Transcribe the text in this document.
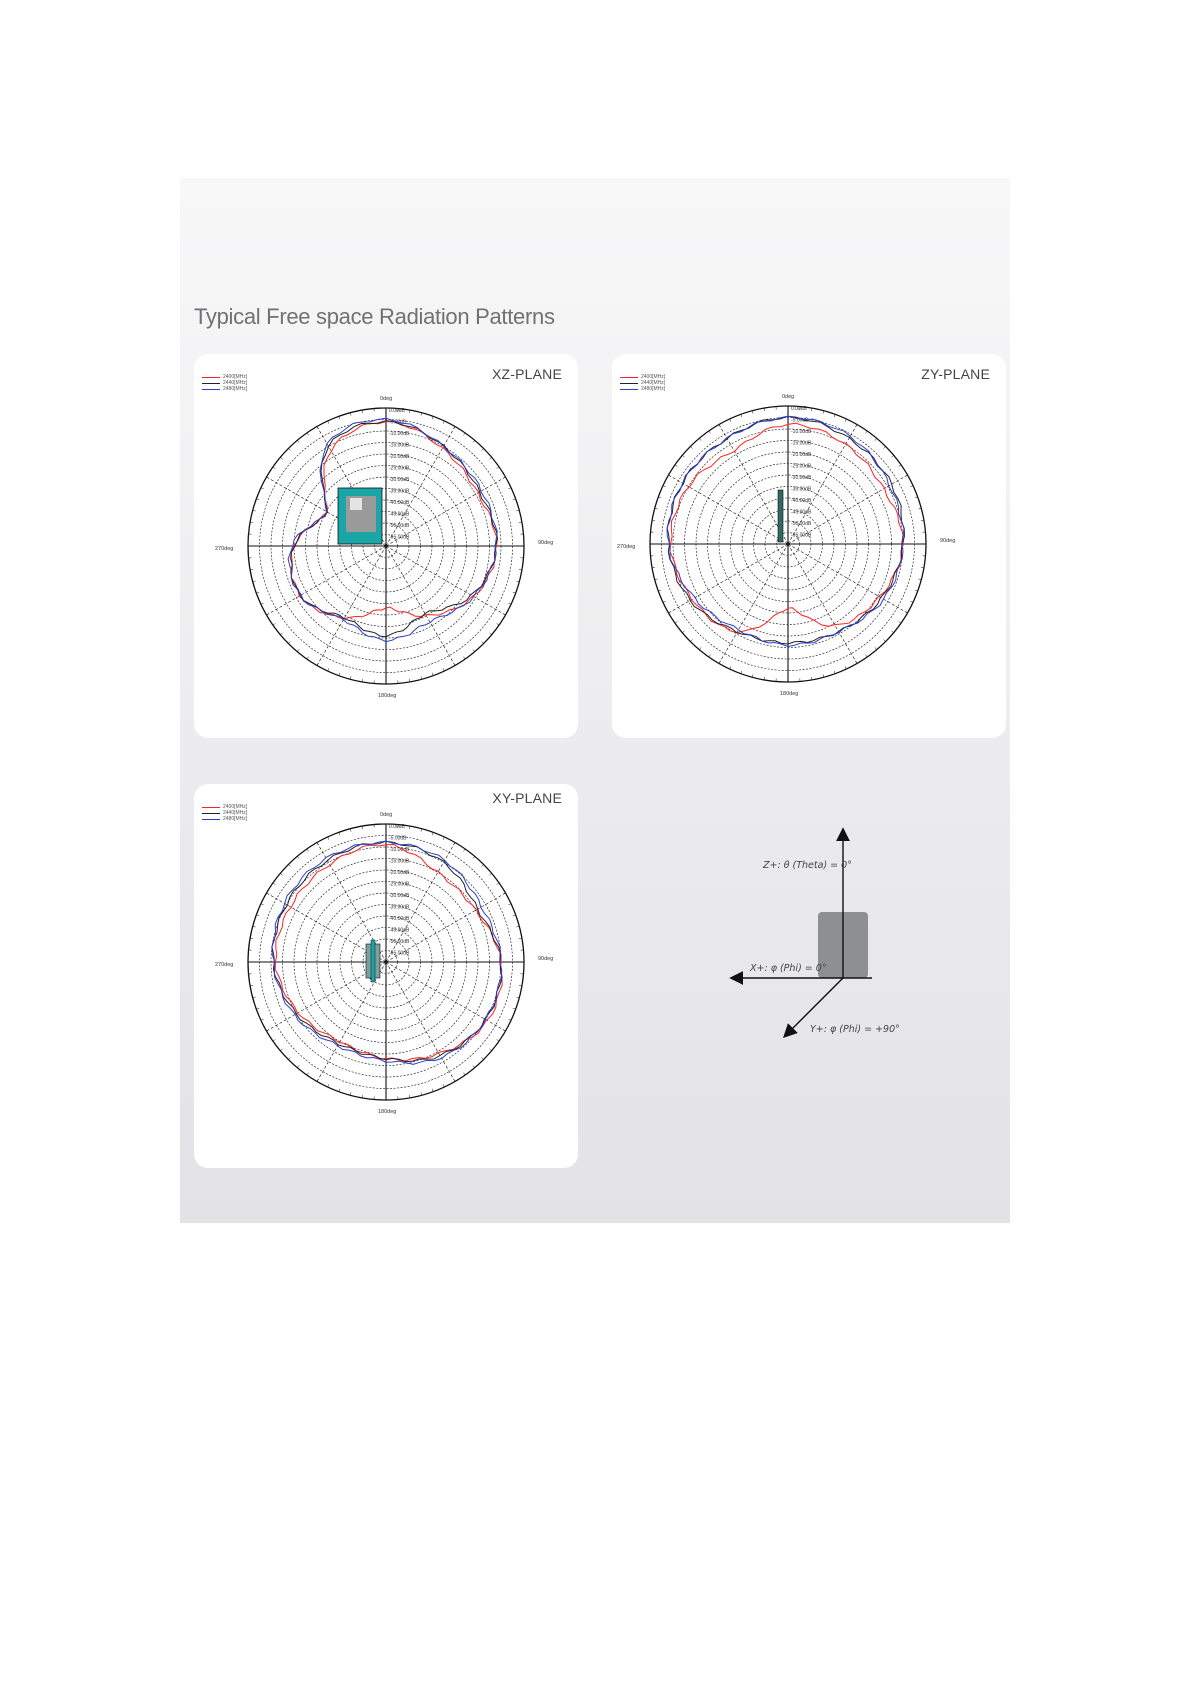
Typical Free space Radiation Patterns
0.00dB
-5.00dB
-10.00dB
-15.00dB
-20.00dB
-25.00dB
-30.00dB
-35.00dB
-40.00dB
-45.00dB
-50.00dB
-55.00dB
0deg
90deg
180deg
270deg
XZ-PLANE
2400[MHz]
2440[MHz]
2480[MHz]
0.00dB
-5.00dB
-10.00dB
-15.00dB
-20.00dB
-25.00dB
-30.00dB
-35.00dB
-40.00dB
-45.00dB
-50.00dB
-55.00dB
0deg
90deg
180deg
270deg
ZY-PLANE
2400[MHz]
2440[MHz]
2480[MHz]
0.00dB
-5.00dB
-10.00dB
-15.00dB
-20.00dB
-25.00dB
-30.00dB
-35.00dB
-40.00dB
-45.00dB
-50.00dB
-55.00dB
0deg
90deg
180deg
270deg
XY-PLANE
2400[MHz]
2440[MHz]
2480[MHz]
Z+: θ (Theta) = 0°
X+: φ (Phi) = 0°
Y+: φ (Phi) = +90°
